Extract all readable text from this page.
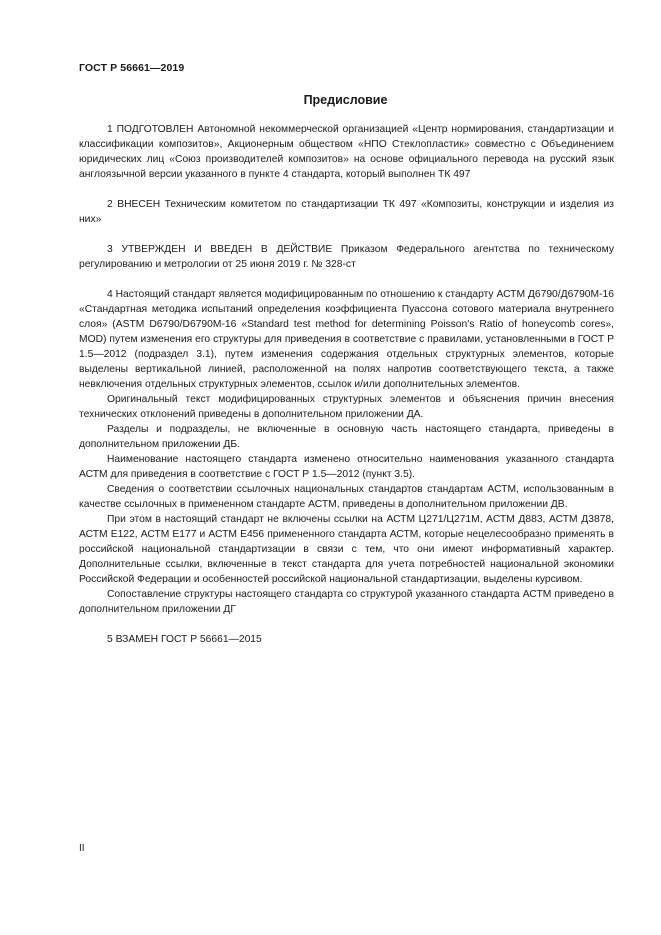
ГОСТ Р 56661—2019
Предисловие

1 ПОДГОТОВЛЕН Автономной некоммерческой организацией «Центр нормирования, стандартизации и классификации композитов», Акционерным обществом «НПО Стеклопластик» совместно с Объединением юридических лиц «Союз производителей композитов» на основе официального перевода на русский язык англоязычной версии указанного в пункте 4 стандарта, который выполнен ТК 497

2 ВНЕСЕН Техническим комитетом по стандартизации ТК 497 «Композиты, конструкции и изделия из них»

3 УТВЕРЖДЕН И ВВЕДЕН В ДЕЙСТВИЕ Приказом Федерального агентства по техническому регулированию и метрологии от 25 июня 2019 г. № 328-ст

4 Настоящий стандарт является модифицированным по отношению к стандарту АСТМ Д6790/Д6790М-16 «Стандартная методика испытаний определения коэффициента Пуассона сотового материала внутреннего слоя» (ASTM D6790/D6790M-16 «Standard test method for determining Poisson's Ratio of honeycomb cores», MOD) путем изменения его структуры для приведения в соответствие с правилами, установленными в ГОСТ Р 1.5—2012 (подраздел 3.1), путем изменения содержания отдельных структурных элементов, которые выделены вертикальной линией, расположенной на полях напротив соответствующего текста, а также невключения отдельных структурных элементов, ссылок и/или дополнительных элементов.

Оригинальный текст модифицированных структурных элементов и объяснения причин внесения технических отклонений приведены в дополнительном приложении ДА.

Разделы и подразделы, не включенные в основную часть настоящего стандарта, приведены в дополнительном приложении ДБ.

Наименование настоящего стандарта изменено относительно наименования указанного стандарта АСТМ для приведения в соответствие с ГОСТ Р 1.5—2012 (пункт 3.5).

Сведения о соответствии ссылочных национальных стандартов стандартам АСТМ, использованным в качестве ссылочных в примененном стандарте АСТМ, приведены в дополнительном приложении ДВ.

При этом в настоящий стандарт не включены ссылки на АСТМ Ц271/Ц271М, АСТМ Д883, АСТМ Д3878, АСТМ Е122, АСТМ Е177 и АСТМ Е456 примененного стандарта АСТМ, которые нецелесообразно применять в российской национальной стандартизации в связи с тем, что они имеют информативный характер. Дополнительные ссылки, включенные в текст стандарта для учета потребностей национальной экономики Российской Федерации и особенностей российской национальной стандартизации, выделены курсивом.

Сопоставление структуры настоящего стандарта со структурой указанного стандарта АСТМ приведено в дополнительном приложении ДГ

5 ВЗАМЕН ГОСТ Р 56661—2015

II
